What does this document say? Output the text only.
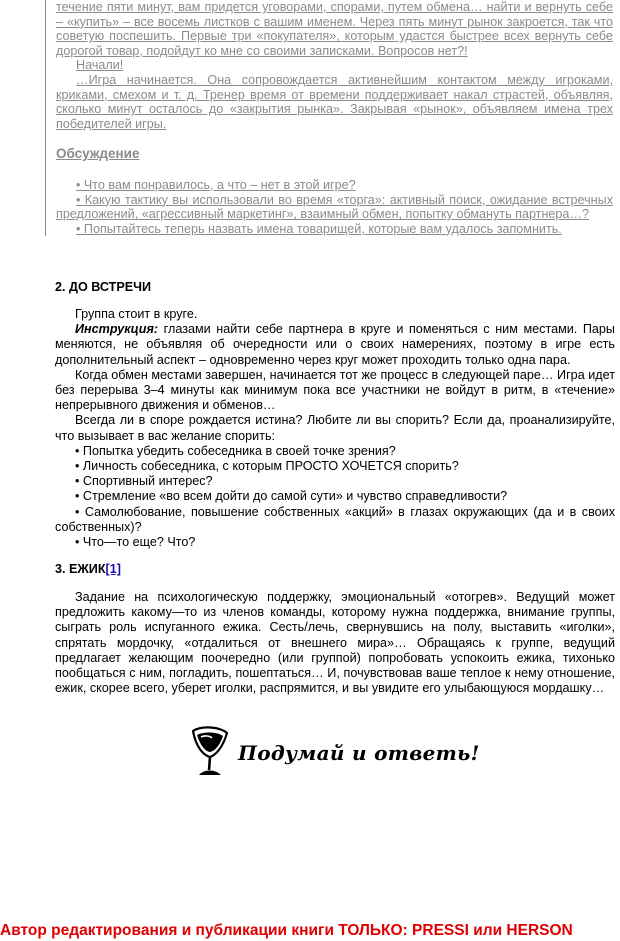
течение пяти минут, вам придется уговорами, спорами, путем обмена… найти и вернуть себе – «купить» – все восемь листков с вашим именем. Через пять минут рынок закроется, так что советую поспешить. Первые три «покупателя», которым удастся быстрее всех вернуть себе дорогой товар, подойдут ко мне со своими записками. Вопросов нет?!

Начали!

…Игра начинается. Она сопровождается активнейшим контактом между игроками, криками, смехом и т. д. Тренер время от времени поддерживает накал страстей, объявляя, сколько минут осталось до «закрытия рынка». Закрывая «рынок», объявляем имена трех победителей игры.

Обсуждение

• Что вам понравилось, а что – нет в этой игре?

• Какую тактику вы использовали во время «торга»: активный поиск, ожидание встречных предложений, «агрессивный маркетинг», взаимный обмен, попытку обмануть партнера…?

• Попытайтесь теперь назвать имена товарищей, которые вам удалось запомнить.

2. ДО ВСТРЕЧИ

Группа стоит в круге.

Инструкция: глазами найти себе партнера в круге и поменяться с ним местами. Пары меняются, не объявляя об очередности или о своих намерениях, поэтому в игре есть дополнительный аспект – одновременно через круг может проходить только одна пара.

Когда обмен местами завершен, начинается тот же процесс в следующей паре… Игра идет без перерыва 3–4 минуты как минимум пока все участники не войдут в ритм, в «течение» непрерывного движения и обменов…

Всегда ли в споре рождается истина? Любите ли вы спорить? Если да, проанализируйте, что вызывает в вас желание спорить:

• Попытка убедить собеседника в своей точке зрения?

• Личность собеседника, с которым ПРОСТО ХОЧЕТСЯ спорить?

• Спортивный интерес?

• Стремление «во всем дойти до самой сути» и чувство справедливости?

• Самолюбование, повышение собственных «акций» в глазах окружающих (да и в своих собственных)?

• Что—то еще? Что?

3. ЕЖИК[1]

Задание на психологическую поддержку, эмоциональный «отогрев». Ведущий может предложить какому—то из членов команды, которому нужна поддержка, внимание группы, сыграть роль испуганного ежика. Сесть/лечь, свернувшись на полу, выставить «иголки», спрятать мордочку, «отдалиться от внешнего мира»… Обращаясь к группе, ведущий предлагает желающим поочередно (или группой) попробовать успокоить ежика, тихонько пообщаться с ним, погладить, пошептаться… И, почувствовав ваше теплое к нему отношение, ежик, скорее всего, уберет иголки, распрямится, и вы увидите его улыбающуюся мордашку…

Подумай и ответь!
Автор редактирования и публикации книги ТОЛЬКО: PRESSI или HERSON
